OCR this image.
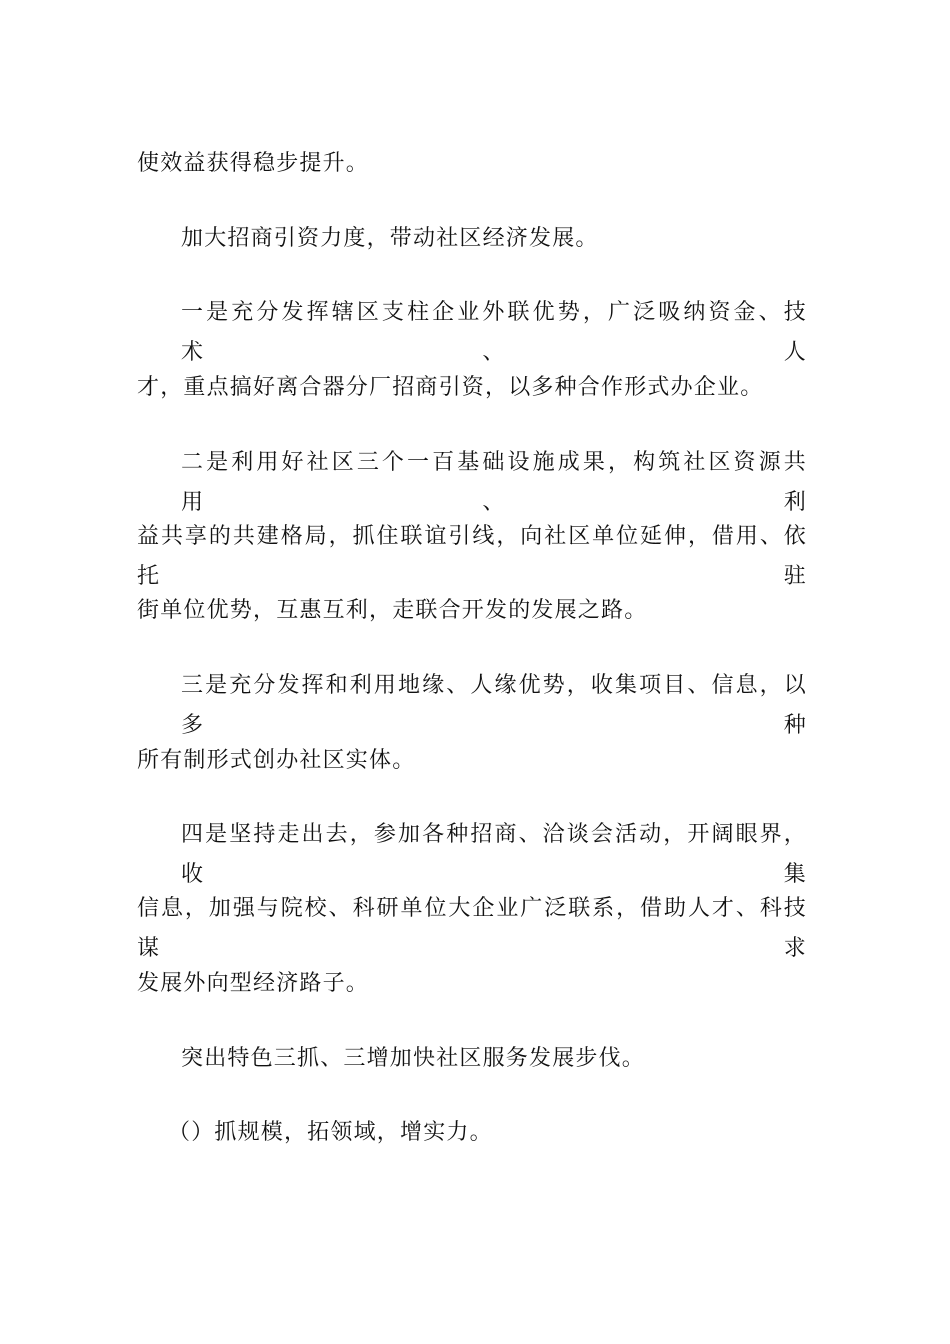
使效益获得稳步提升。
加大招商引资力度，带动社区经济发展。
一是充分发挥辖区支柱企业外联优势，广泛吸纳资金、技术、人
才，重点搞好离合器分厂招商引资，以多种合作形式办企业。
二是利用好社区三个一百基础设施成果，构筑社区资源共用、利
益共享的共建格局，抓住联谊引线，向社区单位延伸，借用、依托驻
街单位优势，互惠互利，走联合开发的发展之路。
三是充分发挥和利用地缘、人缘优势，收集项目、信息，以多种
所有制形式创办社区实体。
四是坚持走出去，参加各种招商、洽谈会活动，开阔眼界，收集
信息，加强与院校、科研单位大企业广泛联系，借助人才、科技谋求
发展外向型经济路子。
突出特色三抓、三增加快社区服务发展步伐。
（）抓规模，拓领域，增实力。
